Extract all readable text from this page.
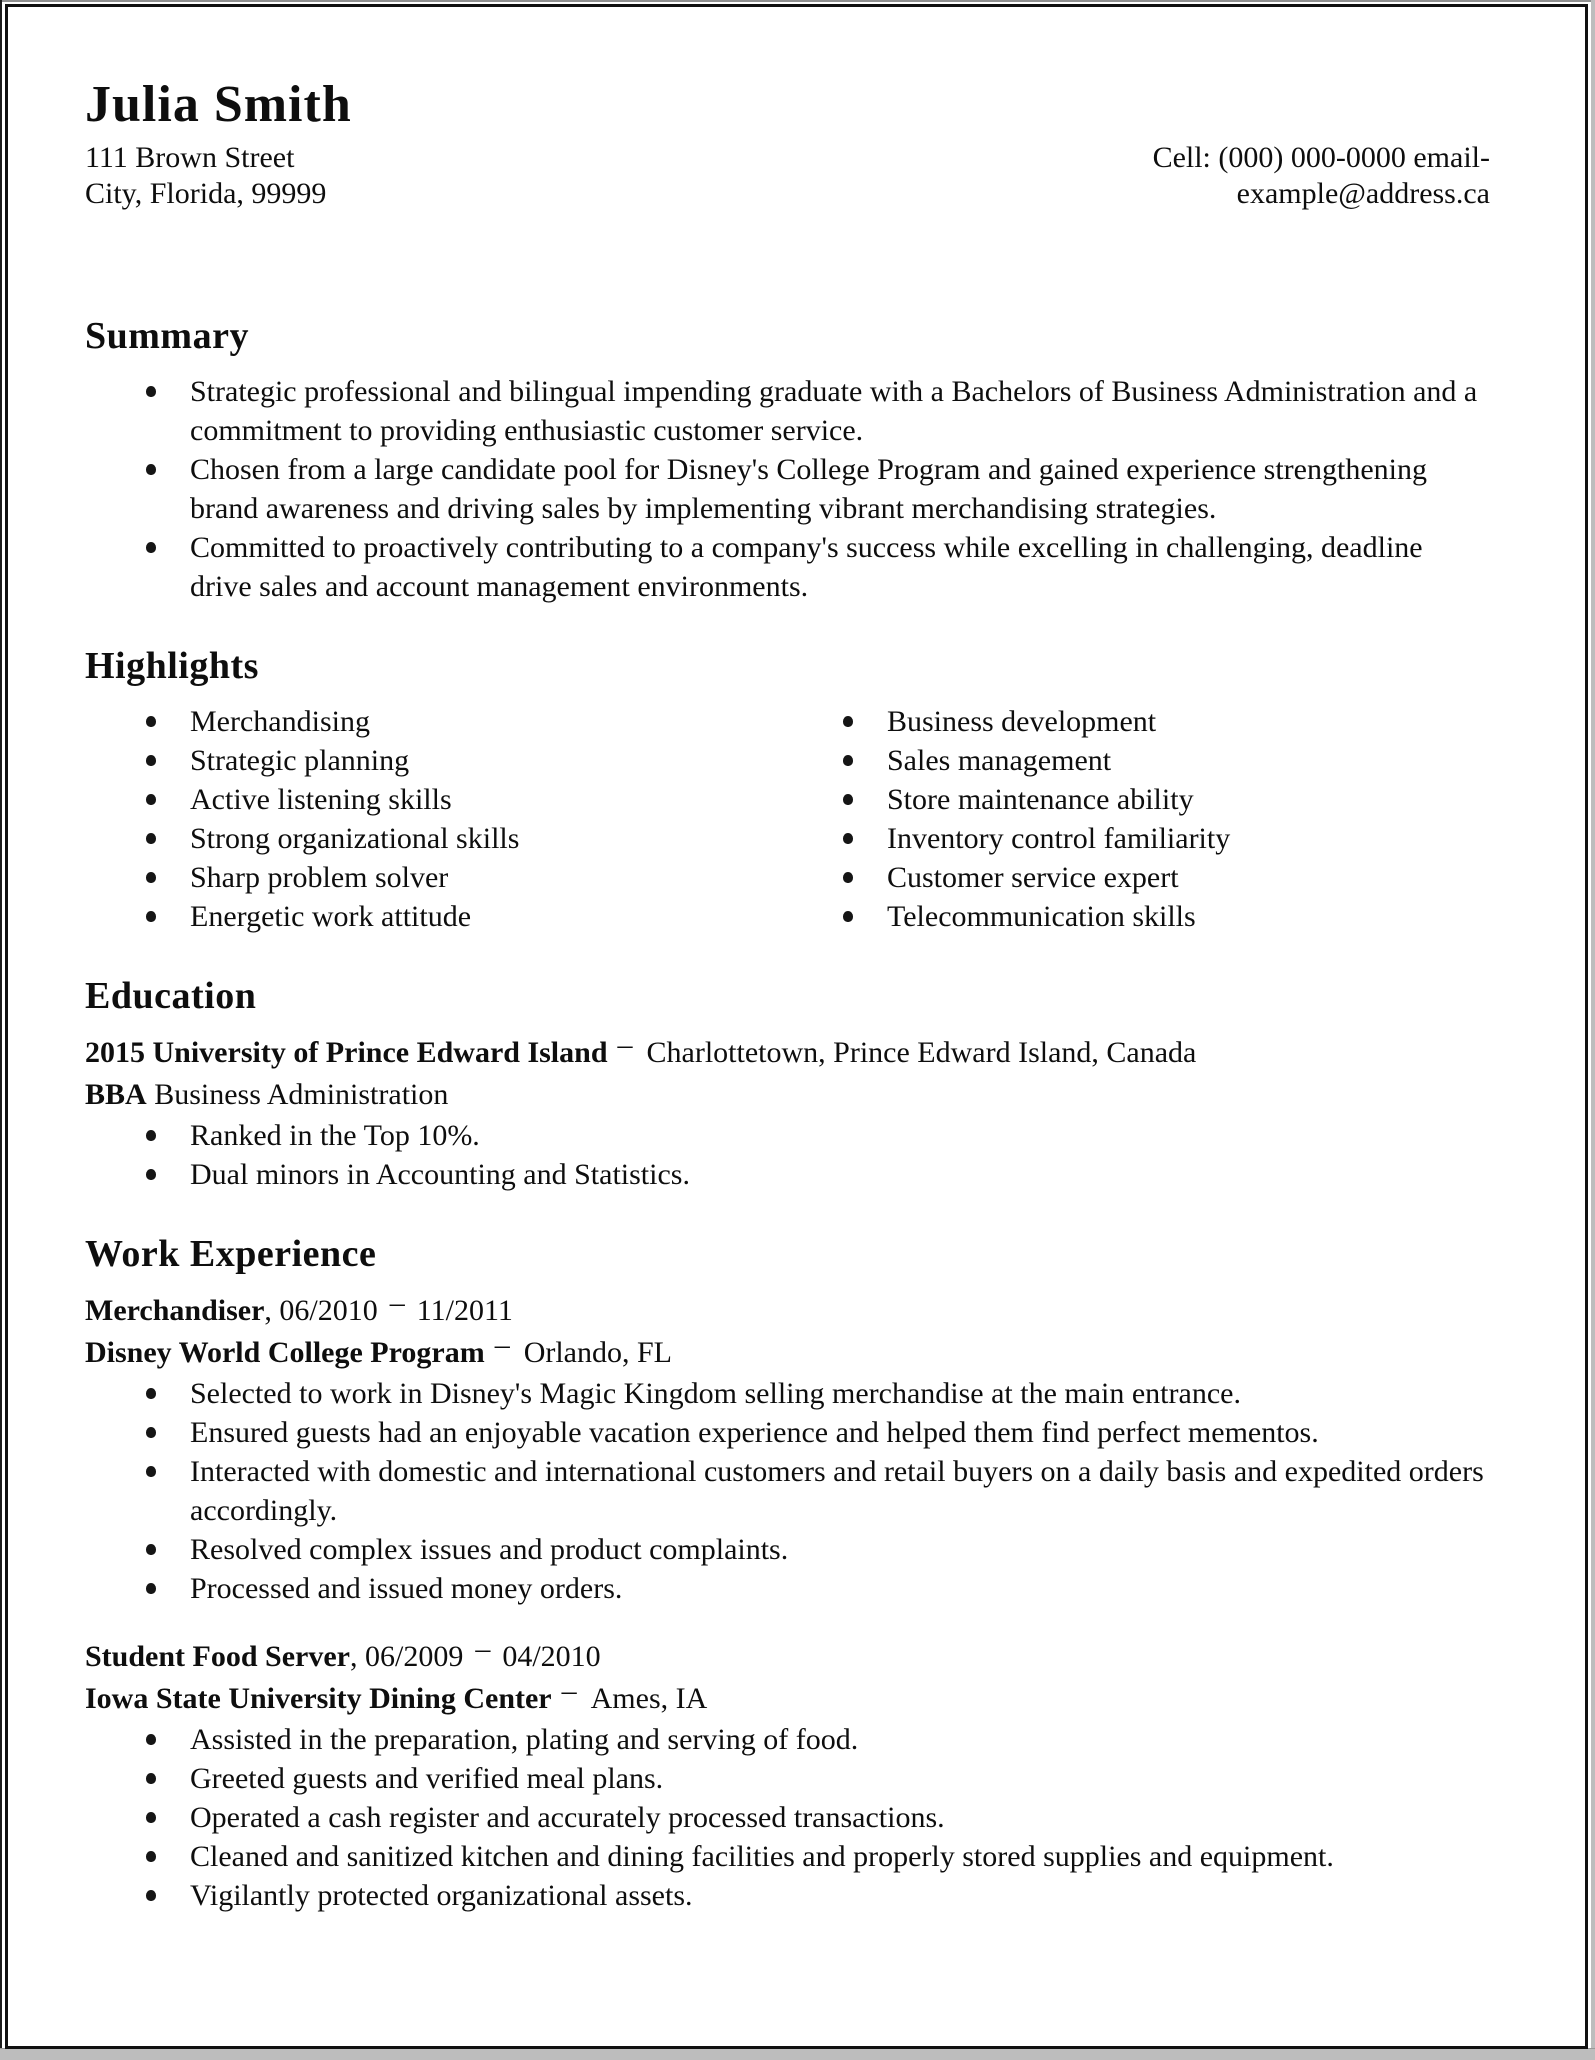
Julia Smith
111 Brown Street
City, Florida, 99999
Cell: (000) 000-0000 email-
example@address.ca
Summary
Strategic professional and bilingual impending graduate with a Bachelors of Business Administration and a commitment to providing enthusiastic customer service.
Chosen from a large candidate pool for Disney's College Program and gained experience strengthening brand awareness and driving sales by implementing vibrant merchandising strategies.
Committed to proactively contributing to a company's success while excelling in challenging, deadline drive sales and account management environments.
Highlights
Merchandising
Strategic planning
Active listening skills
Strong organizational skills
Sharp problem solver
Energetic work attitude
Business development
Sales management
Store maintenance ability
Inventory control familiarity
Customer service expert
Telecommunication skills
Education
2015 University of Prince Edward Island – Charlottetown, Prince Edward Island, Canada
BBA Business Administration
Ranked in the Top 10%.
Dual minors in Accounting and Statistics.
Work Experience
Merchandiser, 06/2010 – 11/2011
Disney World College Program – Orlando, FL
Selected to work in Disney's Magic Kingdom selling merchandise at the main entrance.
Ensured guests had an enjoyable vacation experience and helped them find perfect mementos.
Interacted with domestic and international customers and retail buyers on a daily basis and expedited orders accordingly.
Resolved complex issues and product complaints.
Processed and issued money orders.
Student Food Server, 06/2009 – 04/2010
Iowa State University Dining Center – Ames, IA
Assisted in the preparation, plating and serving of food.
Greeted guests and verified meal plans.
Operated a cash register and accurately processed transactions.
Cleaned and sanitized kitchen and dining facilities and properly stored supplies and equipment.
Vigilantly protected organizational assets.
